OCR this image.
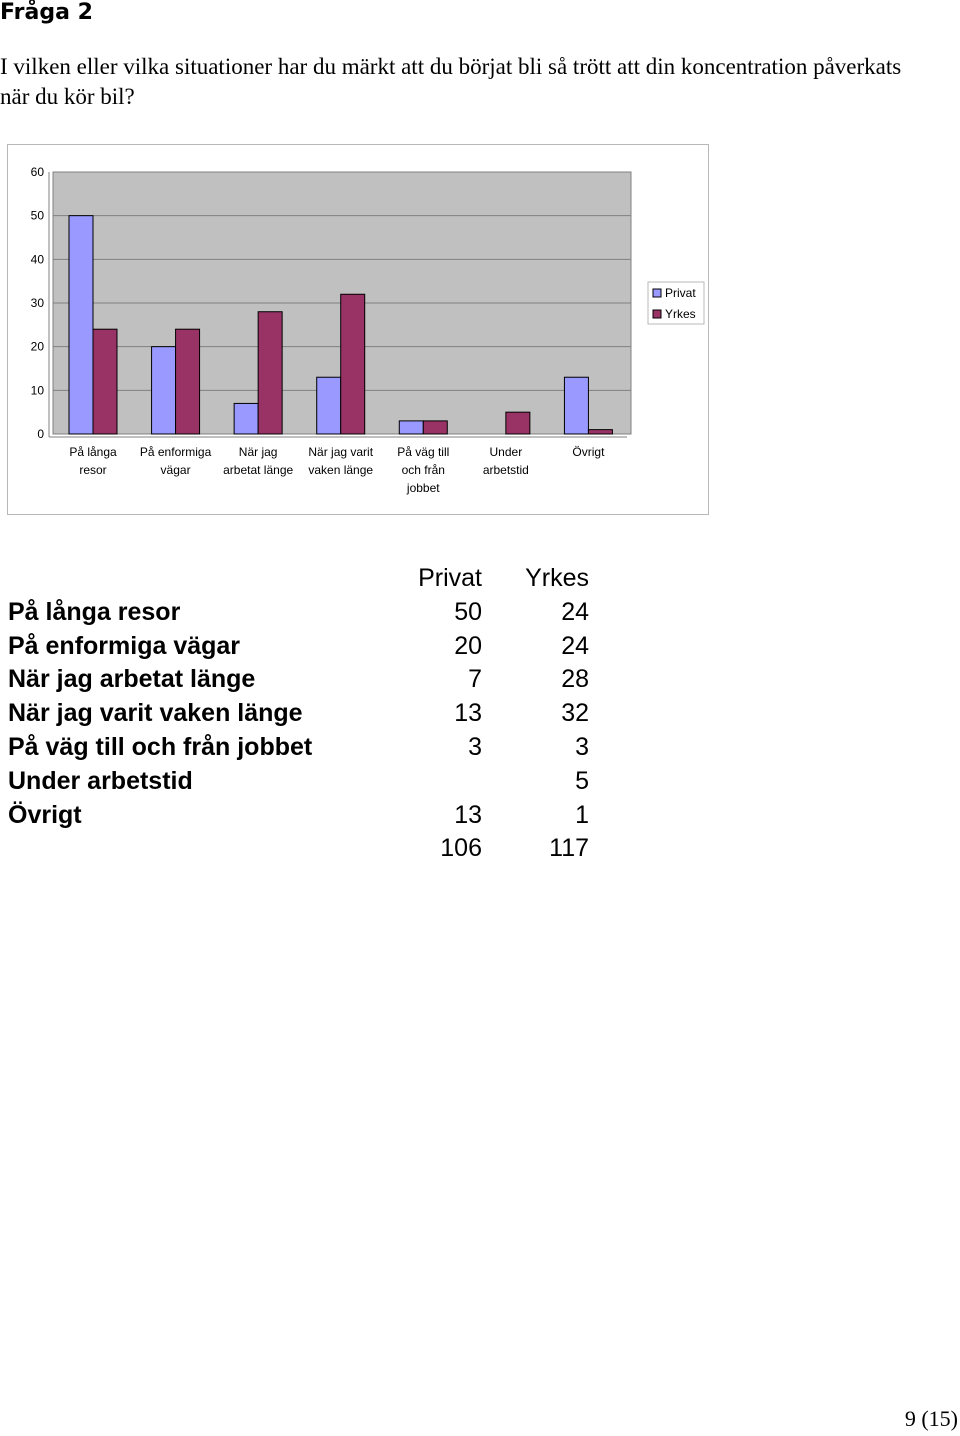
Fråga 2
I vilken eller vilka situationer har du märkt att du börjat bli så trött att din koncentration påverkats när du kör bil?
0
10
20
30
40
50
60
På långa
resor
På enformiga
vägar
När jag
arbetat länge
När jag varit
vaken länge
På väg till
och från
jobbet
Under
arbetstid
Övrigt
Privat
Yrkes
	Privat	Yrkes
På långa resor	50	24
På enformiga vägar	20	24
När jag arbetat länge	7	28
När jag varit vaken länge	13	32
På väg till och från jobbet	3	3
Under arbetstid		5
Övrigt	13	1
	106	117
9 (15)
